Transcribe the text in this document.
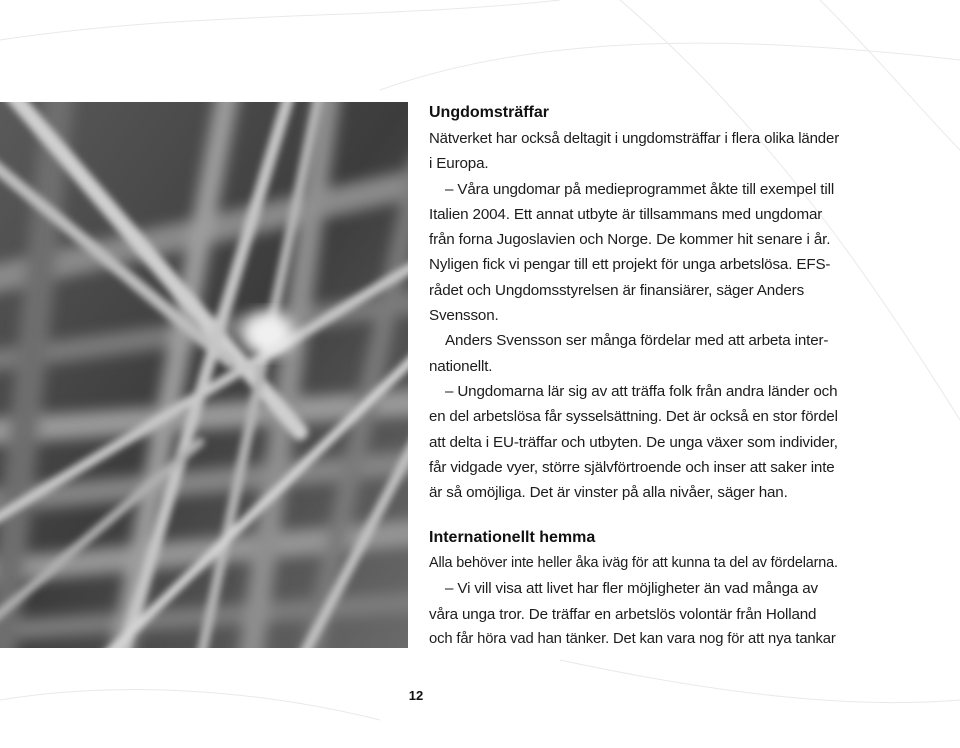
Ungdomsträffar

Nätverket har också deltagit i ungdomsträffar i flera olika länder

i Europa.

– Våra ungdomar på medieprogrammet åkte till exempel till

Italien 2004. Ett annat utbyte är tillsammans med ungdomar

från forna Jugoslavien och Norge. De kommer hit senare i år.

Nyligen fick vi pengar till ett projekt för unga arbetslösa. EFS-

rådet och Ungdomsstyrelsen är finansiärer, säger Anders

Svensson.

Anders Svensson ser många fördelar med att arbeta inter-

nationellt.

– Ungdomarna lär sig av att träffa folk från andra länder och

en del arbetslösa får sysselsättning. Det är också en stor fördel

att delta i EU-träffar och utbyten. De unga växer som individer,

får vidgade vyer, större självförtroende och inser att saker inte

är så omöjliga. Det är vinster på alla nivåer, säger han.

Internationellt hemma

Alla behöver inte heller åka iväg för att kunna ta del av fördelarna.

– Vi vill visa att livet har fler möjligheter än vad många av

våra unga tror. De träffar en arbetslös volontär från Holland

och får höra vad han tänker. Det kan vara nog för att nya tankar

12
